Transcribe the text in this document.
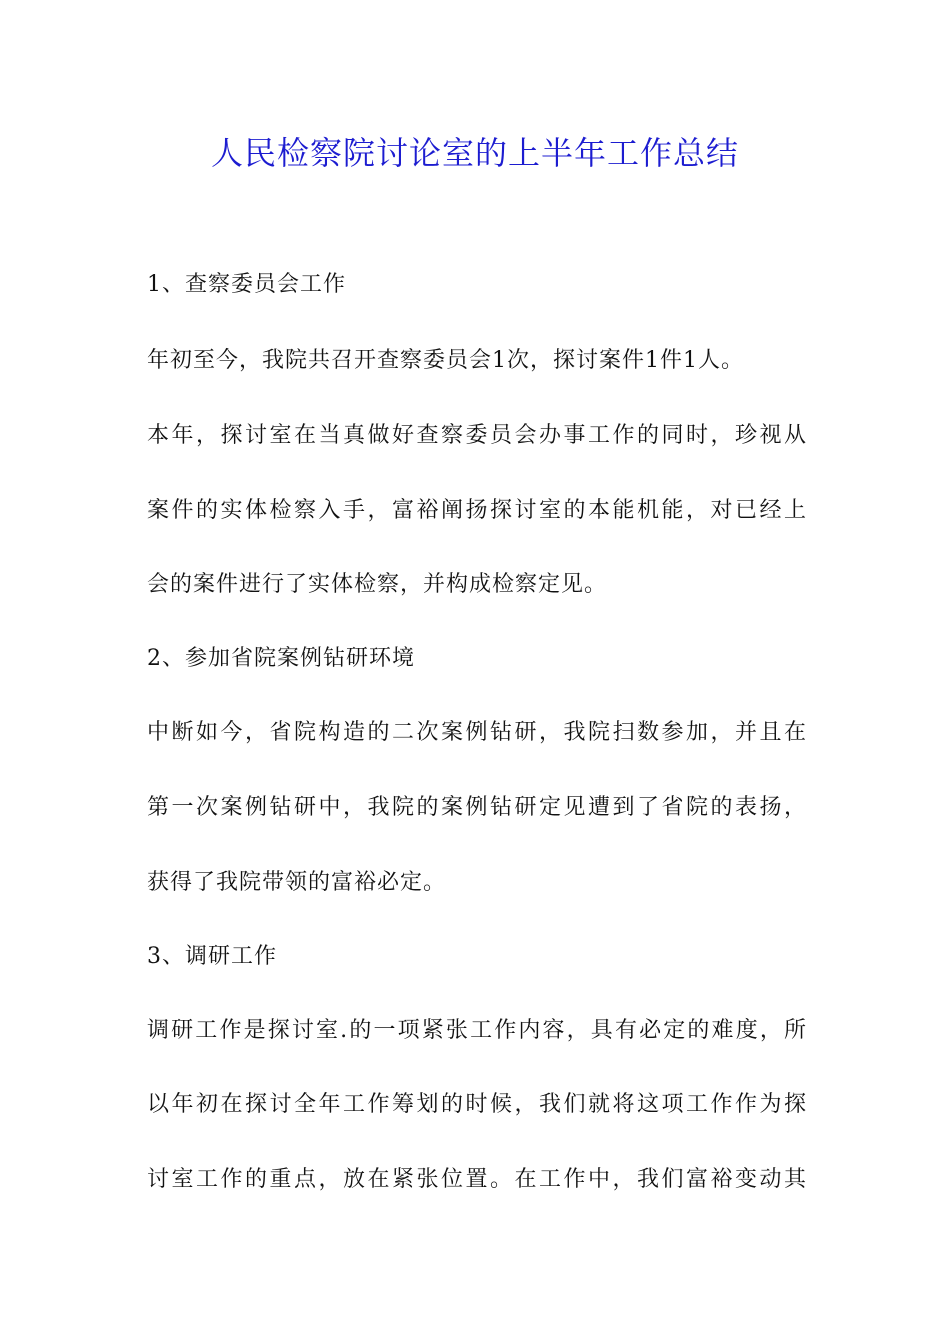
人民检察院讨论室的上半年工作总结
1、查察委员会工作
年初至今，我院共召开查察委员会1次，探讨案件1件1人。
本年，探讨室在当真做好查察委员会办事工作的同时，珍视从
案件的实体检察入手，富裕阐扬探讨室的本能机能，对已经上
会的案件进行了实体检察，并构成检察定见。
2、参加省院案例钻研环境
中断如今，省院构造的二次案例钻研，我院扫数参加，并且在
第一次案例钻研中，我院的案例钻研定见遭到了省院的表扬，
获得了我院带领的富裕必定。
3、调研工作
调研工作是探讨室.的一项紧张工作内容，具有必定的难度，所
以年初在探讨全年工作筹划的时候，我们就将这项工作作为探
讨室工作的重点，放在紧张位置。在工作中，我们富裕变动其
